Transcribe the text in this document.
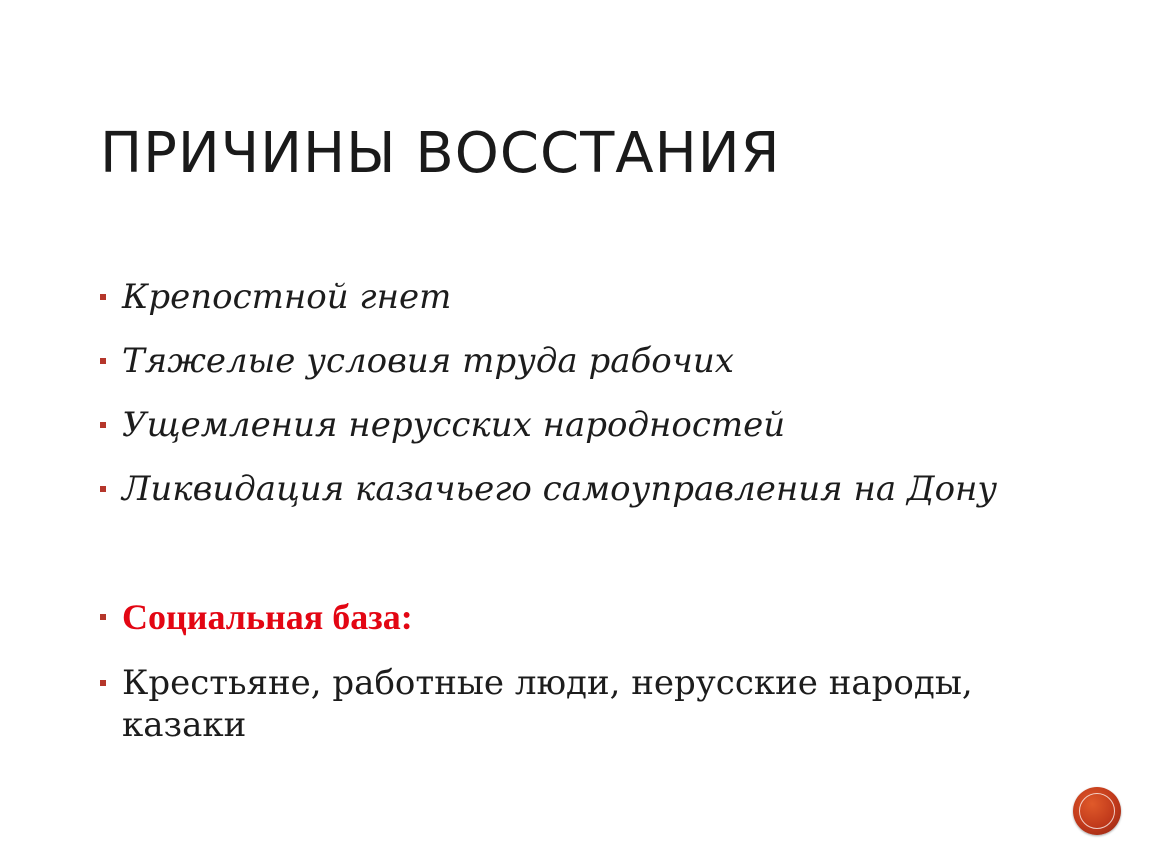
ПРИЧИНЫ ВОССТАНИЯ
Крепостной гнет
Тяжелые условия труда рабочих
Ущемления нерусских народностей
Ликвидация казачьего самоуправления на Дону
Социальная база:
Крестьяне, работные люди, нерусские народы, казаки
